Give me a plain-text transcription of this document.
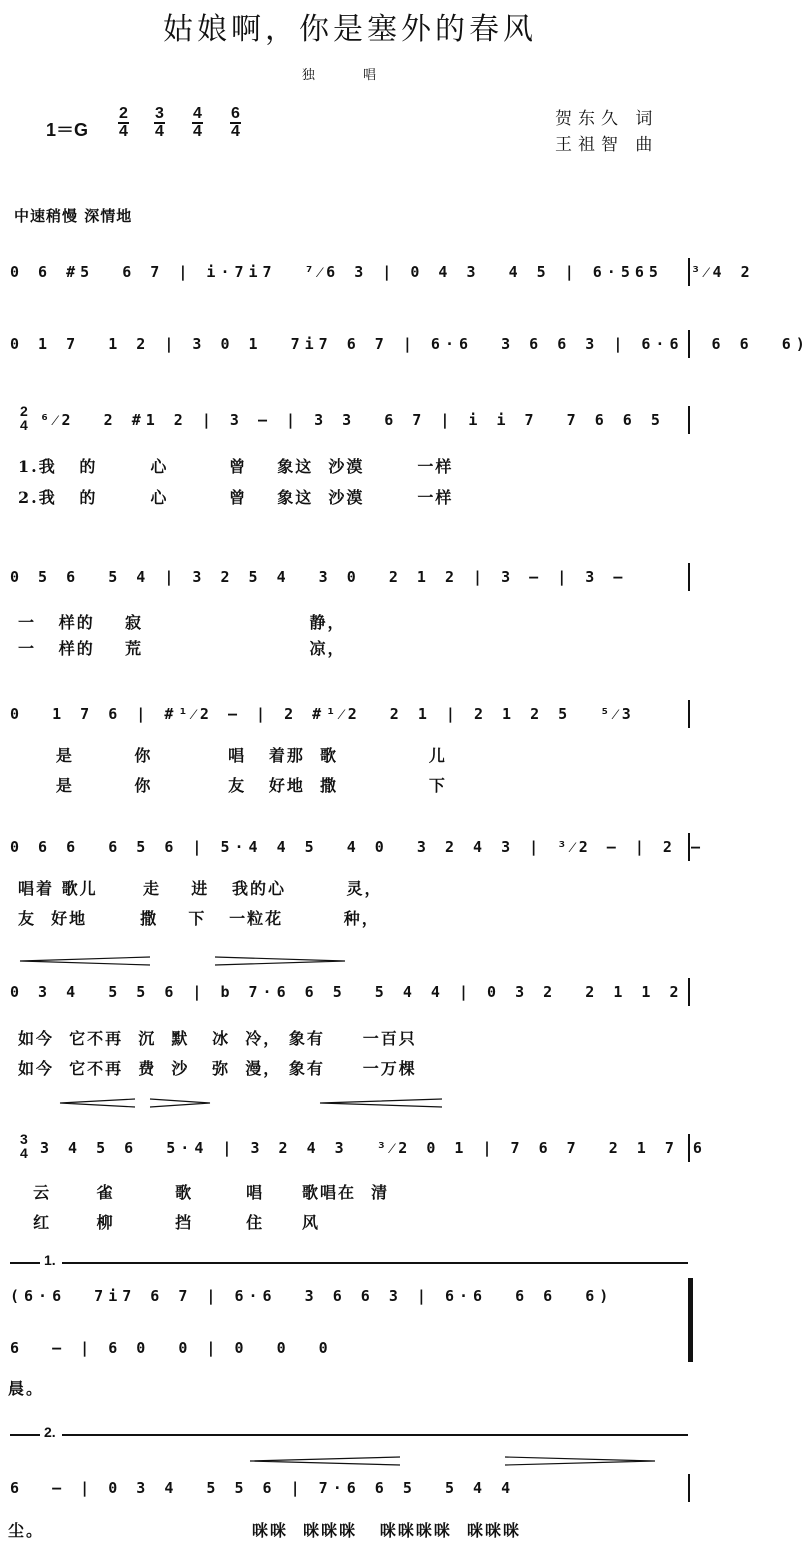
姑娘啊，你是塞外的春风
独 唱
$1=G \frac{2}{4} \frac{3}{4} \frac{4}{4} \frac{6}{4}$	贺东久 词
王祖智 曲
中速稍慢 深情地
0 6 #5  6 7 | i·7i7  ⁷⁄6 3 | 0 4 3  4 5 | 6·565  ³⁄4 2
0 1 7  1 2 | 3 0 1  7i7 6 7 | 6·6  3 6 6 3 | 6·6  6 6  6)
2
4 ⁶⁄2  2 #1 2 | 3 — | 3 3  6 7 | i i 7  7 6 6 5
1.我   的       心        曾    象这  沙漠       一样
2.我   的       心        曾    象这  沙漠       一样
0 5 6  5 4 | 3 2 5 4  3 0  2 1 2 | 3 — | 3 —
一   样的    寂                      静，
一   样的    荒                      凉，
0  1 7 6 | #¹⁄2 — | 2 #¹⁄2  2 1 | 2 1 2 5  ⁵⁄3
是        你          唱   着那  歌            儿
是        你          友   好地  撒            下
0 6 6  6 5 6 | 5·4 4 5  4 0  3 2 4 3 | ³⁄2 — | 2 —
唱着 歌儿      走    进   我的心        灵，
友  好地       撒    下   一粒花        种，
0 3 4  5 5 6 | b 7·6 6 5  5 4 4 | 0 3 2  2 1 1 2
如今  它不再  沉  默   冰  冷， 象有     一百只
如今  它不再  费  沙   弥  漫， 象有     一万棵
3
4 3 4 5 6  5·4 | 3 2 4 3  ³⁄2 0 1 | 7 6 7  2 1 7 6
云      雀        歌       唱     歌唱在  清
红      柳        挡       住     风
1.
(6·6  7i7 6 7 | 6·6  3 6 6 3 | 6·6  6 6  6)
6  — | 6 0  0 | 0  0  0
晨。
2.
6  — | 0 3 4  5 5 6 | 7·6 6 5  5 4 4
尘。	咪咪  咪咪咪   咪咪咪咪  咪咪咪
